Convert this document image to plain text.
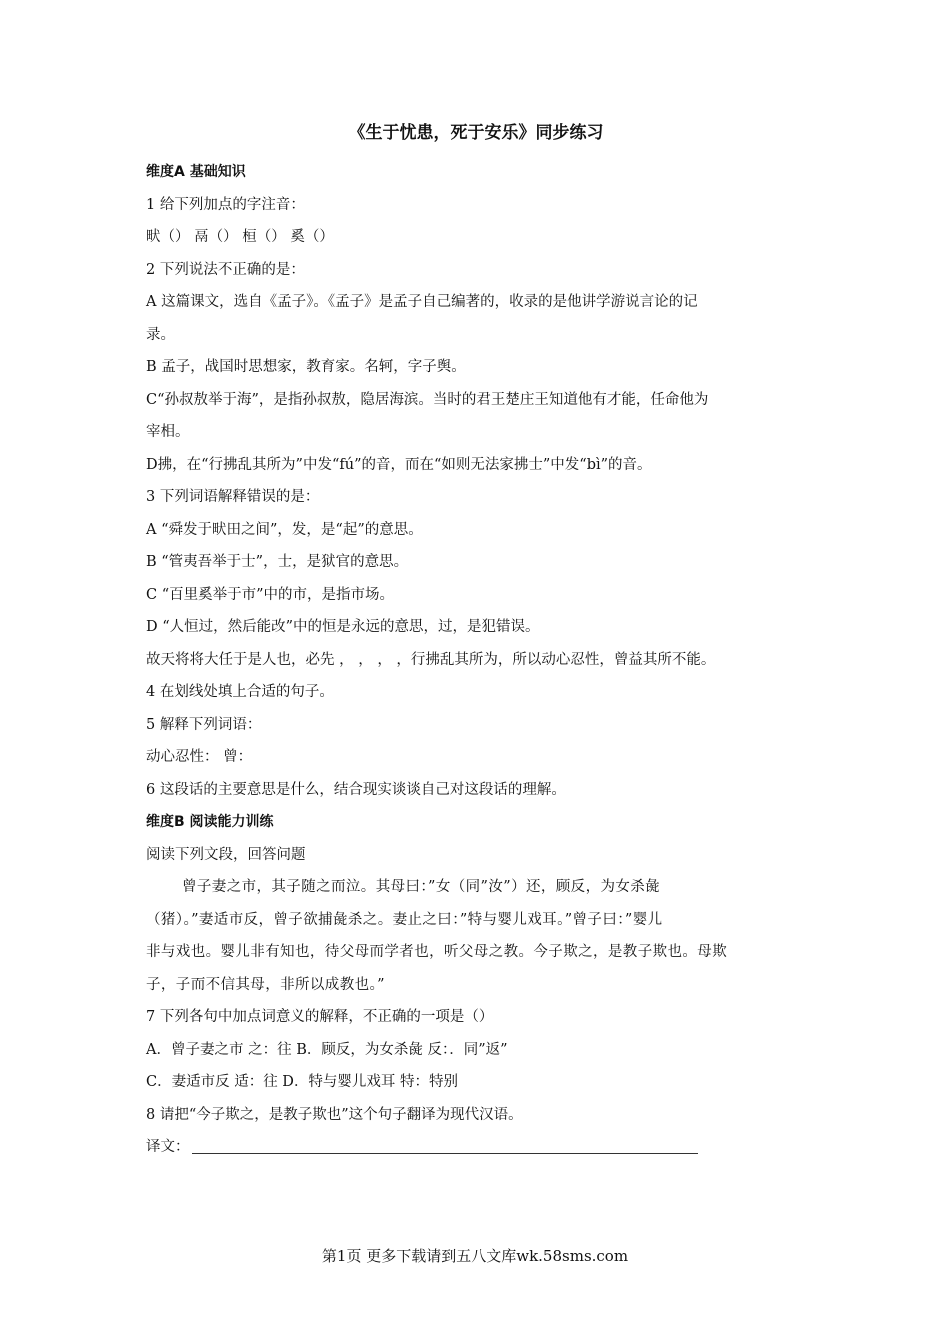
《生于忧患，死于安乐》同步练习
维度A 基础知识
1 给下列加点的字注音：
畎（） 鬲（） 桓（） 奚（）
2 下列说法不正确的是：
A 这篇课文，选自《孟子》。《孟子》是孟子自己编著的，收录的是他讲学游说言论的记
录。
B 孟子，战国时思想家，教育家。名轲，字子舆。
C“孙叔敖举于海”，是指孙叔敖，隐居海滨。当时的君王楚庄王知道他有才能，任命他为
宰相。
D拂，在“行拂乱其所为”中发“fú”的音，而在“如则无法家拂士”中发“bì”的音。
3 下列词语解释错误的是：
A “舜发于畎田之间”，发，是“起”的意思。
B “管夷吾举于士”，士，是狱官的意思。
C “百里奚举于市”中的市，是指市场。
D “人恒过，然后能改”中的恒是永远的意思，过，是犯错误。
故天将将大任于是人也，必先 ， ， ， ，行拂乱其所为，所以动心忍性，曾益其所不能。
4 在划线处填上合适的句子。
5 解释下列词语：
动心忍性： 曾：
6 这段话的主要意思是什么，结合现实谈谈自己对这段话的理解。
维度B 阅读能力训练
阅读下列文段，回答问题
曾子妻之市，其子随之而泣。其母曰：”女（同”汝”）还，顾反，为女杀彘
（猪）。”妻适市反，曾子欲捕彘杀之。妻止之曰：”特与婴儿戏耳。”曾子曰：”婴儿
非与戏也。婴儿非有知也，待父母而学者也，听父母之教。今子欺之，是教子欺也。母欺
子，子而不信其母，非所以成教也。”
7 下列各句中加点词意义的解释，不正确的一项是（）
A．曾子妻之市 之：往 B．顾反，为女杀彘 反：．同”返”
C．妻适市反 适：往 D．特与婴儿戏耳 特：特别
8 请把“今子欺之，是教子欺也”这个句子翻译为现代汉语。
译文：
第1页 更多下载请到五八文库wk.58sms.com
